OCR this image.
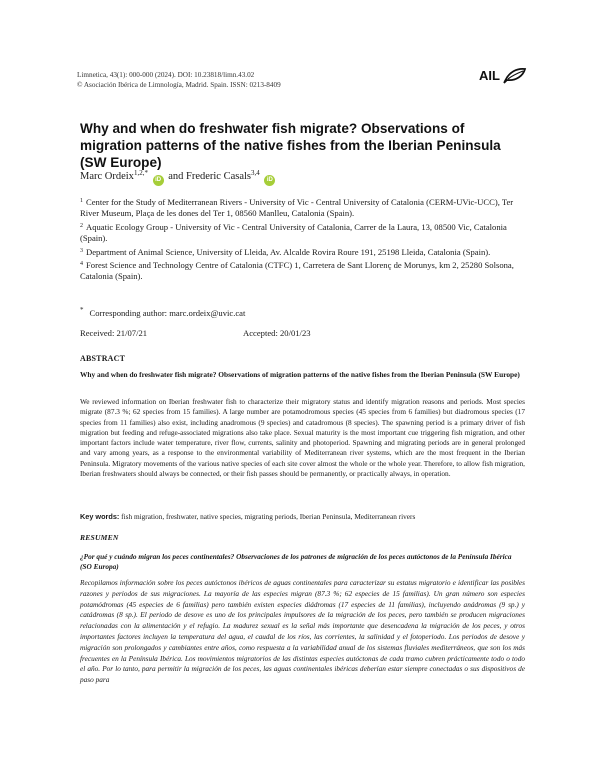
Limnetica, 43(1): 000-000 (2024). DOI: 10.23818/limn.43.02
© Asociación Ibérica de Limnología, Madrid. Spain. ISSN: 0213-8409
AIL
Why and when do freshwater fish migrate? Observations of migration patterns of the native fishes from the Iberian Peninsula (SW Europe)
Marc Ordeix$^{1,2,*}$ iD and Frederic Casals$^{3,4}$ iD
$^1$ Center for the Study of Mediterranean Rivers - University of Vic - Central University of Catalonia (CERM-UVic-UCC), Ter River Museum, Plaça de les dones del Ter 1, 08560 Manlleu, Catalonia (Spain).
$^2$ Aquatic Ecology Group - University of Vic - Central University of Catalonia, Carrer de la Laura, 13, 08500 Vic, Catalonia (Spain).
$^3$ Department of Animal Science, University of Lleida, Av. Alcalde Rovira Roure 191, 25198 Lleida, Catalonia (Spain).
$^4$ Forest Science and Technology Centre of Catalonia (CTFC) 1, Carretera de Sant Llorenç de Morunys, km 2, 25280 Solsona, Catalonia (Spain).
* Corresponding author: marc.ordeix@uvic.cat
Received: 21/07/21	Accepted: 20/01/23
ABSTRACT
Why and when do freshwater fish migrate? Observations of migration patterns of the native fishes from the Iberian Peninsula (SW Europe)
We reviewed information on Iberian freshwater fish to characterize their migratory status and identify migration reasons and periods. Most species migrate (87.3 %; 62 species from 15 families). A large number are potamodromous species (45 species from 6 families) but diadromous species (17 species from 11 families) also exist, including anadromous (9 species) and catadromous (8 species). The spawning period is a primary driver of fish migration but feeding and refuge-associated migrations also take place. Sexual maturity is the most important cue triggering fish migration, and other important factors include water temperature, river flow, currents, salinity and photoperiod. Spawning and migrating periods are in general prolonged and vary among years, as a response to the environmental variability of Mediterranean river systems, which are the most frequent in the Iberian Peninsula. Migratory movements of the various native species of each site cover almost the whole or the whole year. Therefore, to allow fish migration, Iberian freshwaters should always be connected, or their fish passes should be permanently, or practically always, in operation.
Key words: fish migration, freshwater, native species, migrating periods, Iberian Peninsula, Mediterranean rivers
RESUMEN
¿Por qué y cuándo migran los peces continentales? Observaciones de los patrones de migración de los peces autóctonos de la Península Ibérica (SO Europa)
Recopilamos información sobre los peces autóctonos ibéricos de aguas continentales para caracterizar su estatus migratorio e identificar las posibles razones y periodos de sus migraciones. La mayoría de las especies migran (87.3 %; 62 especies de 15 familias). Un gran número son especies potamódromas (45 especies de 6 familias) pero también existen especies diádromas (17 especies de 11 familias), incluyendo anádromas (9 sp.) y catádromas (8 sp.). El periodo de desove es uno de los principales impulsores de la migración de los peces, pero también se producen migraciones relacionadas con la alimentación y el refugio. La madurez sexual es la señal más importante que desencadena la migración de los peces, y otros importantes factores incluyen la temperatura del agua, el caudal de los ríos, las corrientes, la salinidad y el fotoperiodo. Los periodos de desove y migración son prolongados y cambiantes entre años, como respuesta a la variabilidad anual de los sistemas fluviales mediterráneos, que son los más frecuentes en la Península Ibérica. Los movimientos migratorios de las distintas especies autóctonas de cada tramo cubren prácticamente todo o todo el año. Por lo tanto, para permitir la migración de los peces, las aguas continentales ibéricas deberían estar siempre conectadas o sus dispositivos de paso para
